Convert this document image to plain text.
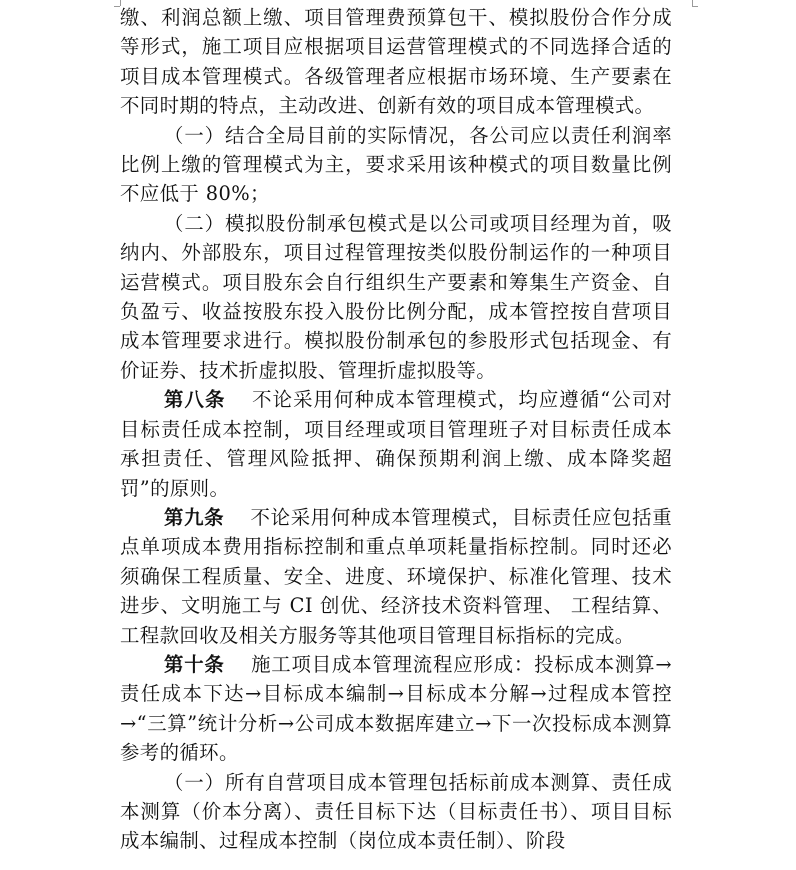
缴、利润总额上缴、项目管理费预算包干、模拟股份合作分成等形式，施工项目应根据项目运营管理模式的不同选择合适的项目成本管理模式。各级管理者应根据市场环境、生产要素在不同时期的特点，主动改进、创新有效的项目成本管理模式。

（一）结合全局目前的实际情况，各公司应以责任利润率比例上缴的管理模式为主，要求采用该种模式的项目数量比例不应低于 80%；

（二）模拟股份制承包模式是以公司或项目经理为首，吸纳内、外部股东，项目过程管理按类似股份制运作的一种项目运营模式。项目股东会自行组织生产要素和筹集生产资金、自负盈亏、收益按股东投入股份比例分配，成本管控按自营项目成本管理要求进行。模拟股份制承包的参股形式包括现金、有价证券、技术折虚拟股、管理折虚拟股等。

第八条 不论采用何种成本管理模式，均应遵循“公司对目标责任成本控制，项目经理或项目管理班子对目标责任成本承担责任、管理风险抵押、确保预期利润上缴、成本降奖超罚”的原则。

第九条 不论采用何种成本管理模式，目标责任应包括重点单项成本费用指标控制和重点单项耗量指标控制。同时还必须确保工程质量、安全、进度、环境保护、标准化管理、技术进步、文明施工与 CI 创优、经济技术资料管理、 工程结算、工程款回收及相关方服务等其他项目管理目标指标的完成。

第十条 施工项目成本管理流程应形成：投标成本测算→责任成本下达→目标成本编制→目标成本分解→过程成本管控→“三算”统计分析→公司成本数据库建立→下一次投标成本测算参考的循环。

（一）所有自营项目成本管理包括标前成本测算、责任成本测算（价本分离）、责任目标下达（目标责任书）、项目目标成本编制、过程成本控制（岗位成本责任制）、阶段
